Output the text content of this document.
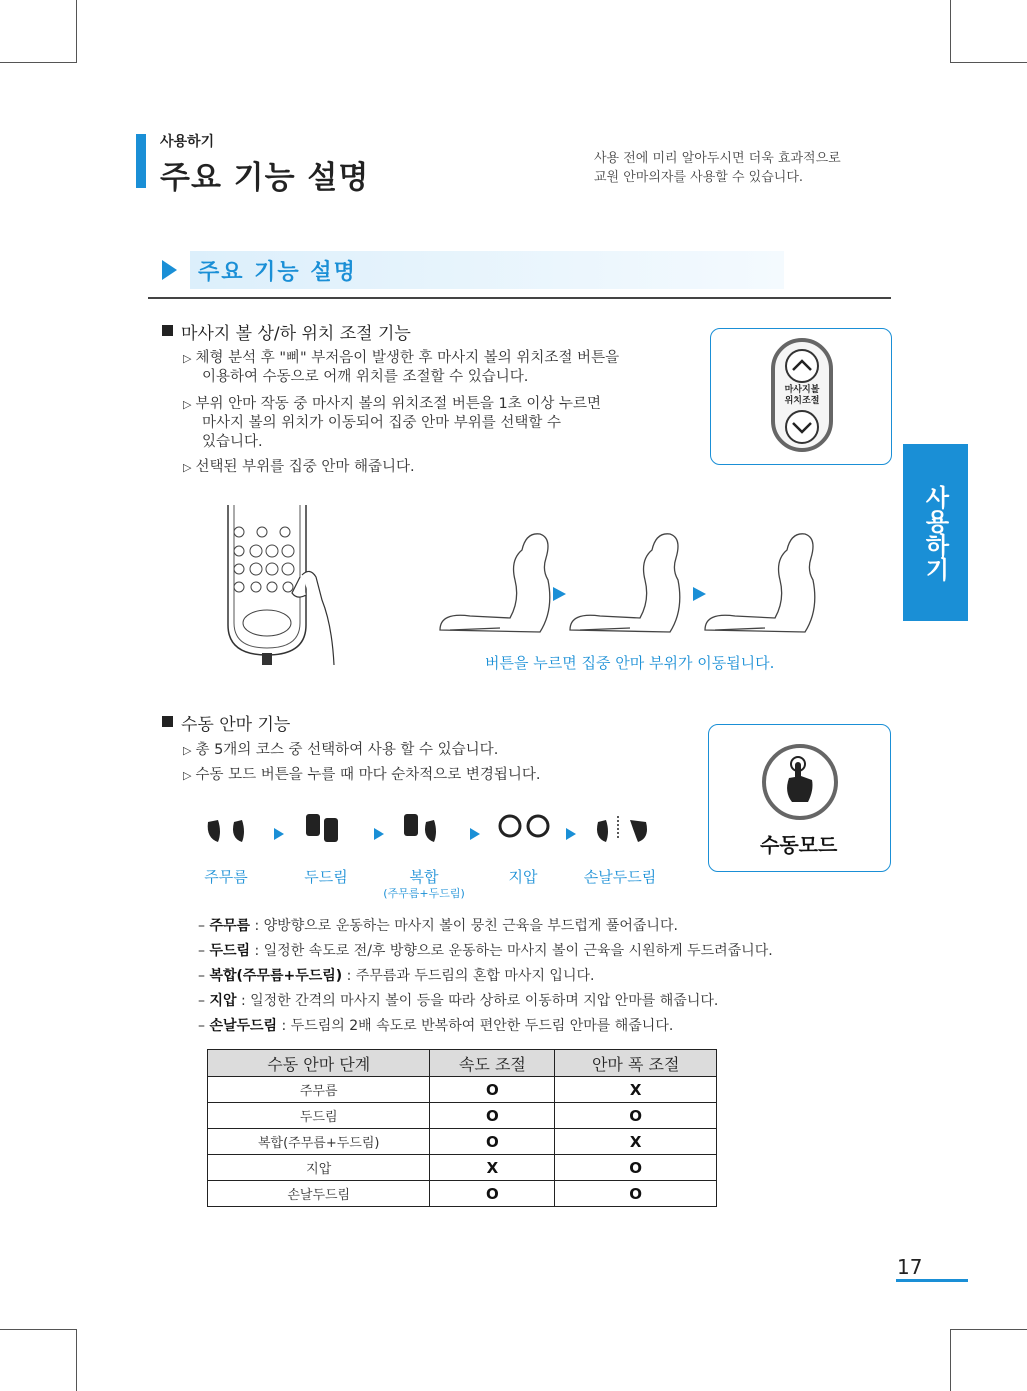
사용하기
주요 기능 설명
사용 전에 미리 알아두시면 더욱 효과적으로
교원 안마의자를 사용할 수 있습니다.
주요 기능 설명
사용하기
마사지 볼 상/하 위치 조절 기능
▷ 체형 분석 후 "삐" 부저음이 발생한 후 마사지 볼의 위치조절 버튼을
이용하여 수동으로 어깨 위치를 조절할 수 있습니다.
▷ 부위 안마 작동 중 마사지 볼의 위치조절 버튼을 1초 이상 누르면
마사지 볼의 위치가 이동되어 집중 안마 부위를 선택할 수
있습니다.
▷ 선택된 부위를 집중 안마 해줍니다.
마사지볼
위치조절
버튼을 누르면 집중 안마 부위가 이동됩니다.
수동 안마 기능
▷ 총 5개의 코스 중 선택하여 사용 할 수 있습니다.
▷ 수동 모드 버튼을 누를 때 마다 순차적으로 변경됩니다.
수동모드
주무름	두드림	복합
(주무름+두드림)
지압	손날두드림
– 주무름 : 양방향으로 운동하는 마사지 볼이 뭉친 근육을 부드럽게 풀어줍니다.
– 두드림 : 일정한 속도로 전/후 방향으로 운동하는 마사지 볼이 근육을 시원하게 두드려줍니다.
– 복합(주무름+두드림) : 주무름과 두드림의 혼합 마사지 입니다.
– 지압 : 일정한 간격의 마사지 볼이 등을 따라 상하로 이동하며 지압 안마를 해줍니다.
– 손날두드림 : 두드림의 2배 속도로 반복하여 편안한 두드림 안마를 해줍니다.
수동 안마 단계	속도 조절	안마 폭 조절
주무름	O	X
두드림	O	O
복합(주무름+두드림)	O	X
지압	X	O
손날두드림	O	O
17
